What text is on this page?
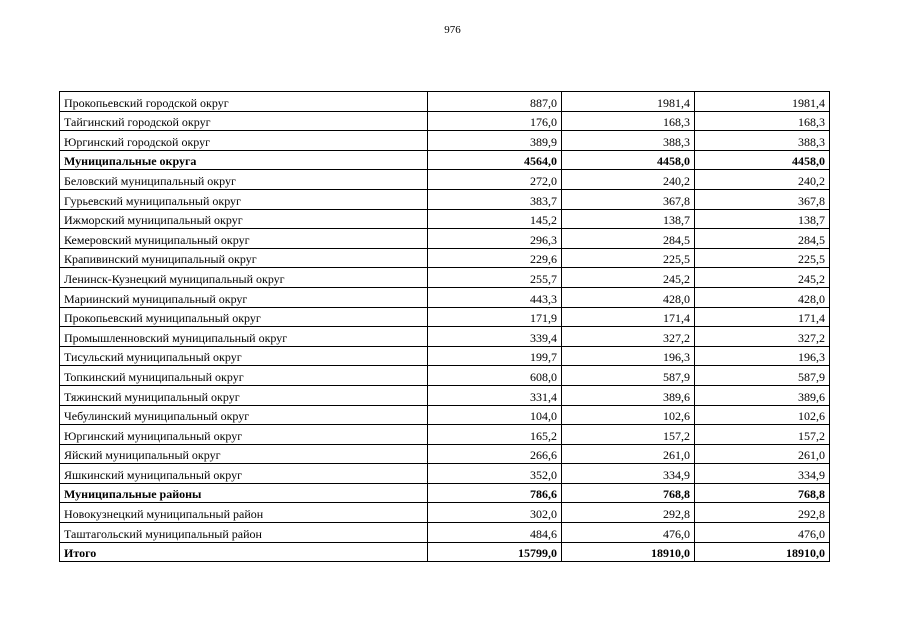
976
Прокопьевский городской округ	887,0	1981,4	1981,4
Тайгинский городской округ	176,0	168,3	168,3
Юргинский городской округ	389,9	388,3	388,3
Муниципальные округа	4564,0	4458,0	4458,0
Беловский муниципальный округ	272,0	240,2	240,2
Гурьевский муниципальный округ	383,7	367,8	367,8
Ижморский муниципальный округ	145,2	138,7	138,7
Кемеровский муниципальный округ	296,3	284,5	284,5
Крапивинский муниципальный округ	229,6	225,5	225,5
Ленинск-Кузнецкий муниципальный округ	255,7	245,2	245,2
Мариинский муниципальный округ	443,3	428,0	428,0
Прокопьевский муниципальный округ	171,9	171,4	171,4
Промышленновский муниципальный округ	339,4	327,2	327,2
Тисульский муниципальный округ	199,7	196,3	196,3
Топкинский муниципальный округ	608,0	587,9	587,9
Тяжинский муниципальный округ	331,4	389,6	389,6
Чебулинский муниципальный округ	104,0	102,6	102,6
Юргинский муниципальный округ	165,2	157,2	157,2
Яйский муниципальный округ	266,6	261,0	261,0
Яшкинский муниципальный округ	352,0	334,9	334,9
Муниципальные районы	786,6	768,8	768,8
Новокузнецкий муниципальный район	302,0	292,8	292,8
Таштагольский муниципальный район	484,6	476,0	476,0
Итого	15799,0	18910,0	18910,0
